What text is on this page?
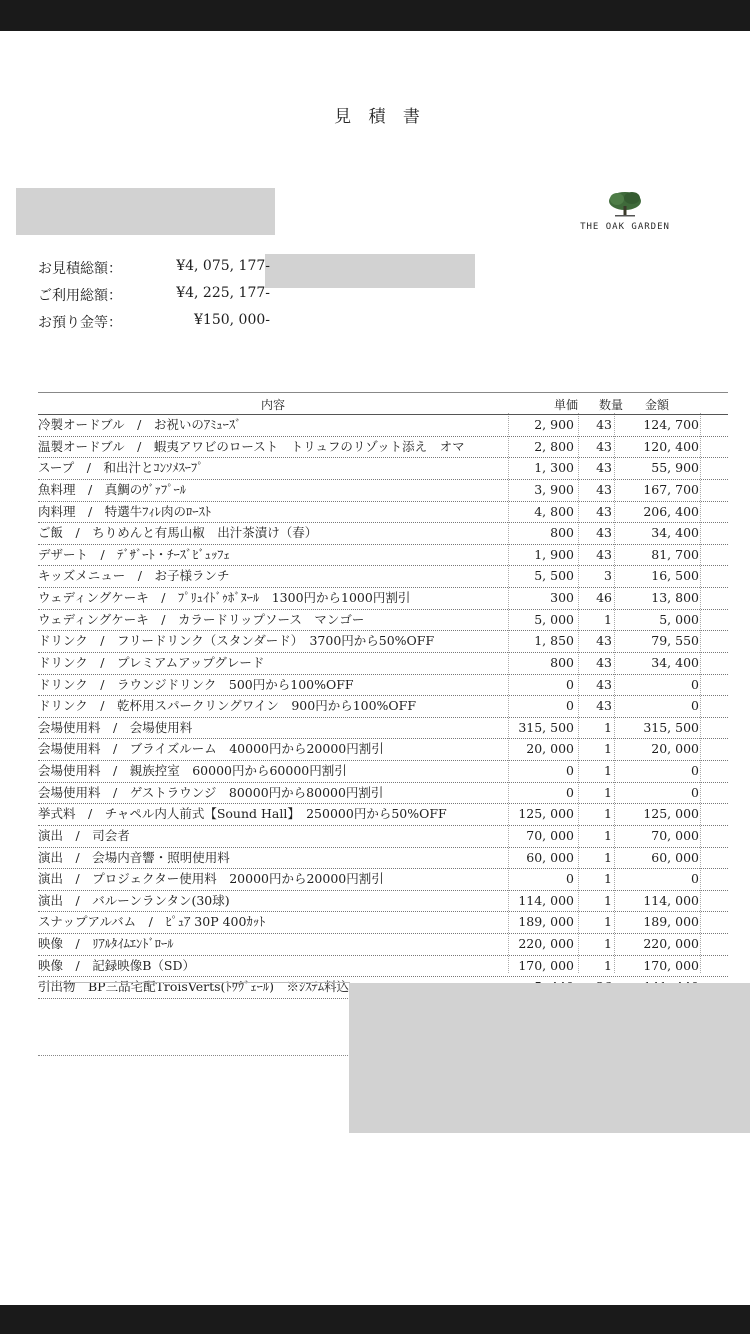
見 積 書
THE OAK GARDEN
お見積総額：	¥4, 075, 177-
ご利用総額：	¥4, 225, 177-
お預り金等：	¥150, 000-
内容	単価	数量	金額
冷製オードブル　/　お祝いのｱﾐｭｰｽﾞ	2, 900	43	124, 700
温製オードブル　/　蝦夷アワビのロースト　トリュフのリゾット添え　オマ	2, 800	43	120, 400
スープ　/　和出汁とｺﾝｿﾒｽｰﾌﾟ	1, 300	43	55, 900
魚料理　/　真鯛のｳﾞｧﾌﾟｰﾙ	3, 900	43	167, 700
肉料理　/　特選牛ﾌｨﾚ肉のﾛｰｽﾄ	4, 800	43	206, 400
ご飯　/　ちりめんと有馬山椒　出汁茶漬け（春）	800	43	34, 400
デザート　/　ﾃﾞｻﾞｰﾄ・ﾁｰｽﾞﾋﾞｭｯﾌｪ	1, 900	43	81, 700
キッズメニュー　/　お子様ランチ	5, 500	3	16, 500
ウェディングケーキ　/　ﾌﾟﾘｭｲﾄﾞｩﾎﾞﾇｰﾙ　1300円から1000円割引	300	46	13, 800
ウェディングケーキ　/　カラードリップソース　マンゴー	5, 000	1	5, 000
ドリンク　/　フリードリンク（スタンダード）　3700円から50%OFF	1, 850	43	79, 550
ドリンク　/　プレミアムアップグレード	800	43	34, 400
ドリンク　/　ラウンジドリンク　500円から100%OFF	0	43	0
ドリンク　/　乾杯用スパークリングワイン　900円から100%OFF	0	43	0
会場使用料　/　会場使用料	315, 500	1	315, 500
会場使用料　/　ブライズルーム　40000円から20000円割引	20, 000	1	20, 000
会場使用料　/　親族控室　60000円から60000円割引	0	1	0
会場使用料　/　ゲストラウンジ　80000円から80000円割引	0	1	0
挙式料　/　チャペル内人前式【Sound Hall】　250000円から50%OFF	125, 000	1	125, 000
演出　/　司会者	70, 000	1	70, 000
演出　/　会場内音響・照明使用料	60, 000	1	60, 000
演出　/　プロジェクター使用料　20000円から20000円割引	0	1	0
演出　/　バルーンランタン(30球)	114, 000	1	114, 000
スナップアルバム　/　ﾋﾟｭｱ 30P 400ｶｯﾄ	189, 000	1	189, 000
映像　/　ﾘｱﾙﾀｲﾑｴﾝﾄﾞﾛｰﾙ	220, 000	1	220, 000
映像　/　記録映像B（SD）	170, 000	1	170, 000
引出物　BP三品宅配TroisVerts(ﾄﾜｳﾞｪｰﾙ)　※ｼｽﾃﾑ料込
